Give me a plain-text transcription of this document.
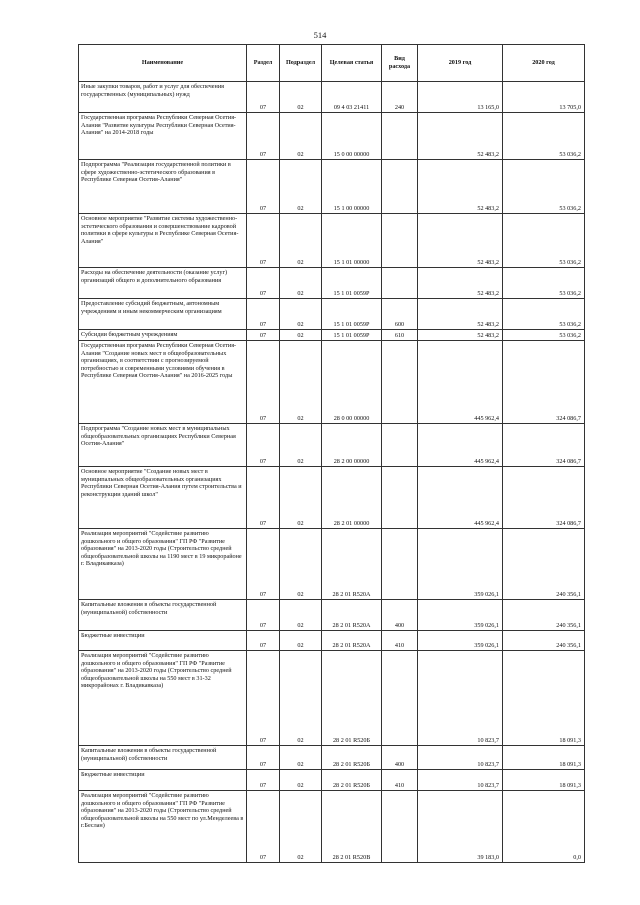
514
Наименование	Раздел	Подраздел	Целевая статья	Вид расхода	2019 год	2020 год
Иные закупки товаров, работ и услуг для обеспечения государственных (муниципальных) нужд	07	02	09 4 03 21411	240	13 165,0	13 705,0
Государственная программа Республики Северная Осетия-Алания "Развитие культуры Республики Северная Осетия-Алания" на 2014-2018 годы	07	02	15 0 00 00000		52 483,2	53 036,2
Подпрограмма "Реализация государственной политики в сфере художественно-эстетического образования в Республике Северная Осетия-Алания"	07	02	15 1 00 00000		52 483,2	53 036,2
Основное мероприятие "Развитие системы художественно-эстетического образования и совершенствование кадровой политики в сфере культуры в Республике Северная Осетия-Алания"	07	02	15 1 01 00000		52 483,2	53 036,2
Расходы на обеспечение деятельности (оказание услуг) организаций общего и дополнительного образования	07	02	15 1 01 0059Р		52 483,2	53 036,2
Предоставление субсидий бюджетным, автономным учреждениям и иным некоммерческим организациям	07	02	15 1 01 0059Р	600	52 483,2	53 036,2
Субсидии бюджетным учреждениям	07	02	15 1 01 0059Р	610	52 483,2	53 036,2
Государственная программа Республики Северная Осетия-Алания "Создание новых мест в общеобразовательных организациях, в соответствии с прогнозируемой потребностью и современными условиями обучения в Республике Северная Осетия-Алания" на 2016-2025 годы	07	02	28 0 00 00000		445 962,4	324 086,7
Подпрограмма "Создание новых мест в муниципальных общеобразовательных организациях Республики Северная Осетия-Алания"	07	02	28 2 00 00000		445 962,4	324 086,7
Основное мероприятие "Создание новых мест в муниципальных общеобразовательных организациях Республики Северная Осетия-Алания путем строительства и реконструкции зданий школ"	07	02	28 2 01 00000		445 962,4	324 086,7
Реализация мероприятий "Содействие развитию дошкольного и общего образования" ГП РФ "Развитие образования" на 2013-2020 годы (Строительство средней общеобразовательной школы на 1190 мест в 19 микрорайоне г. Владикавказа)	07	02	28 2 01 R520А		359 026,1	240 356,1
Капитальные вложения в объекты государственной (муниципальной) собственности	07	02	28 2 01 R520А	400	359 026,1	240 356,1
Бюджетные инвестиции	07	02	28 2 01 R520А	410	359 026,1	240 356,1
Реализация мероприятий "Содействие развитию дошкольного и общего образования" ГП РФ "Развитие образования" на 2013-2020 годы (Строительство средней общеобразовательной школы на 550 мест в 31-32 микрорайонах г. Владикавказа)	07	02	28 2 01 R520Б		10 823,7	18 091,3
Капитальные вложения в объекты государственной (муниципальной) собственности	07	02	28 2 01 R520Б	400	10 823,7	18 091,3
Бюджетные инвестиции	07	02	28 2 01 R520Б	410	10 823,7	18 091,3
Реализация мероприятий "Содействие развитию дошкольного и общего образования" ГП РФ "Развитие образования" на 2013-2020 годы (Строительство средней общеобразовательной школы на 550 мест по ул.Менделеева в г.Беслан)	07	02	28 2 01 R520В		39 183,0	0,0
